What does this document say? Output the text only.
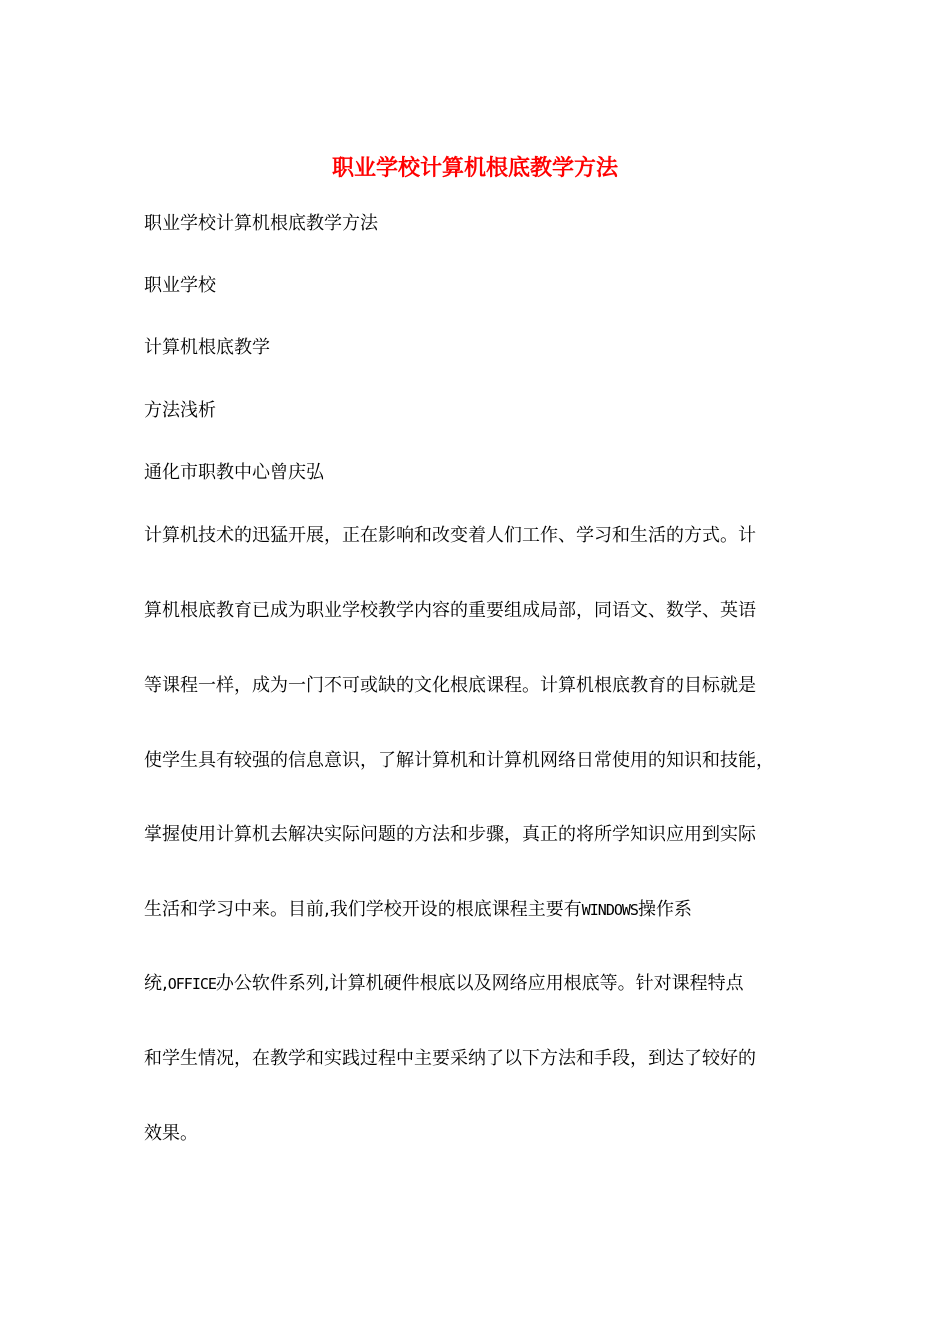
职业学校计算机根底教学方法
职业学校计算机根底教学方法
职业学校
计算机根底教学
方法浅析
通化市职教中心曾庆弘
计算机技术的迅猛开展，正在影响和改变着人们工作、学习和生活的方式。计
算机根底教育已成为职业学校教学内容的重要组成局部，同语文、数学、英语
等课程一样，成为一门不可或缺的文化根底课程。计算机根底教育的目标就是
使学生具有较强的信息意识，了解计算机和计算机网络日常使用的知识和技能，
掌握使用计算机去解决实际问题的方法和步骤，真正的将所学知识应用到实际
生活和学习中来。目前,我们学校开设的根底课程主要有WINDOWS操作系
统,OFFICE办公软件系列,计算机硬件根底以及网络应用根底等。针对课程特点
和学生情况，在教学和实践过程中主要采纳了以下方法和手段，到达了较好的
效果。
